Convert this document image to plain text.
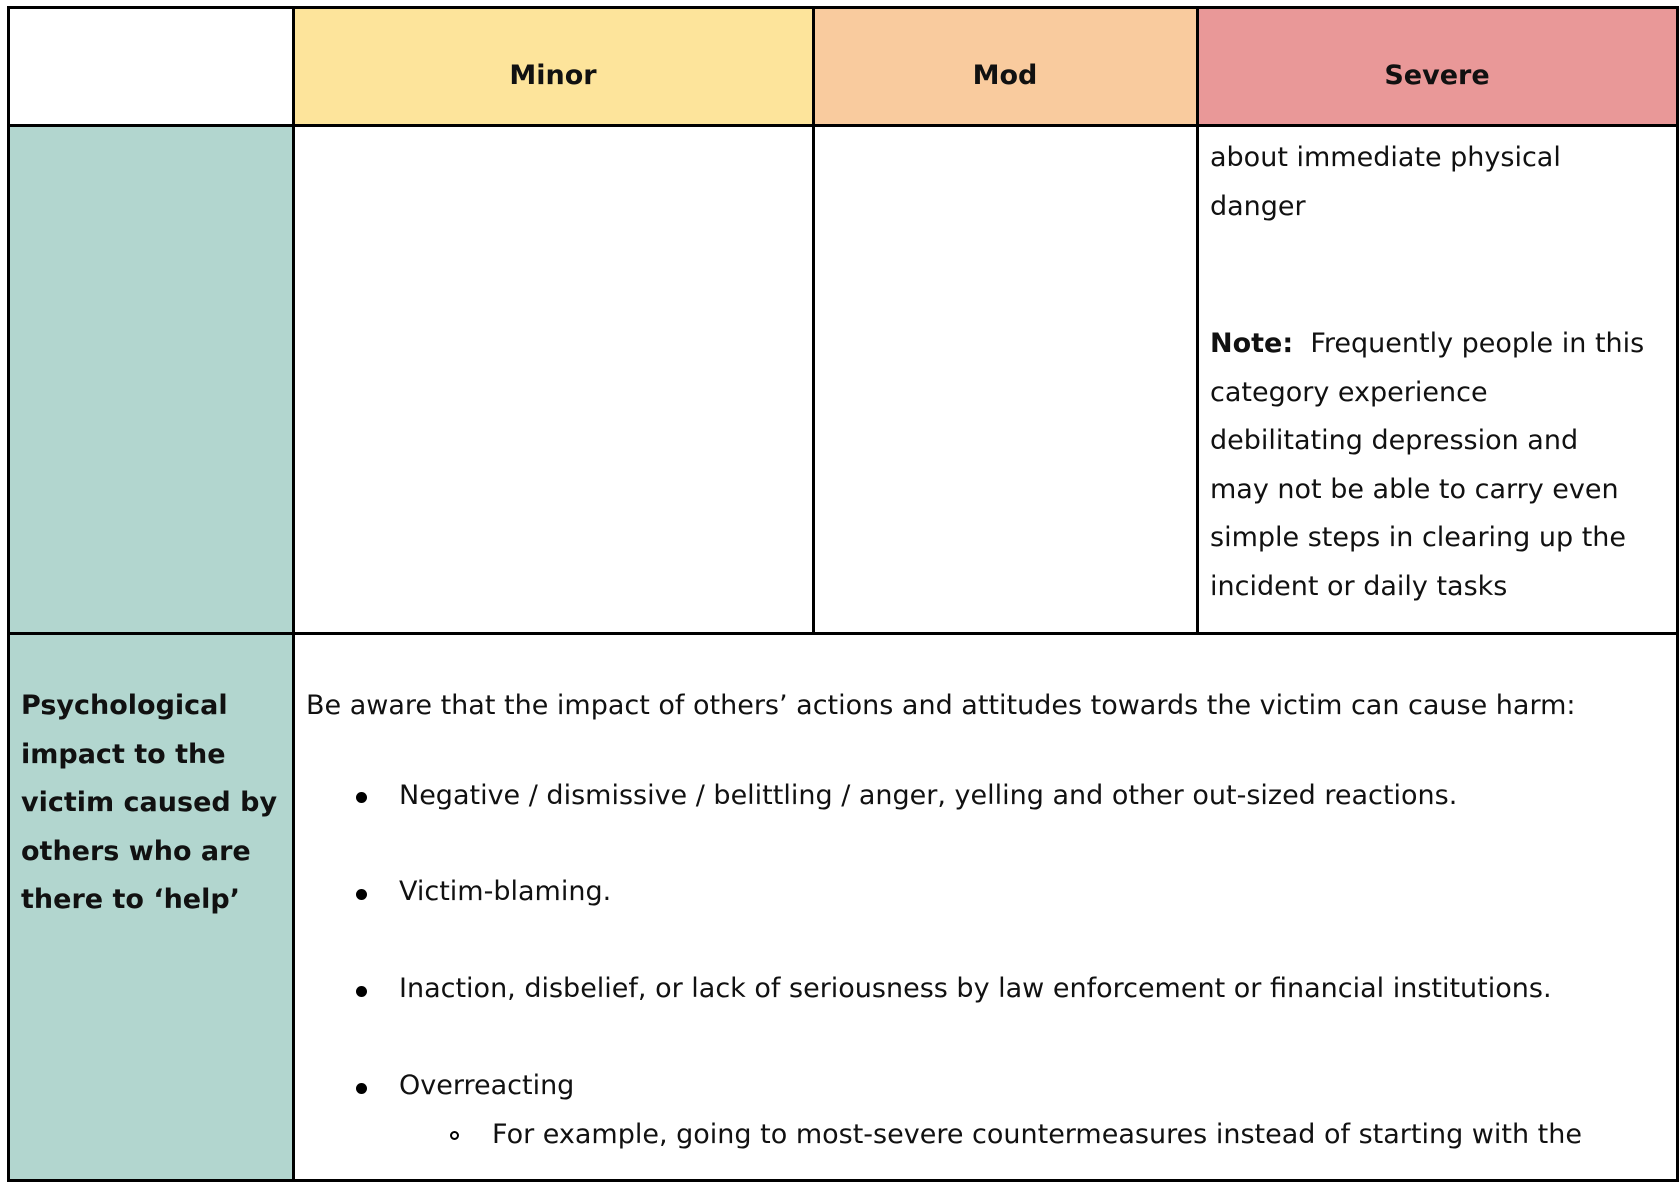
Minor	Mod	Severe
about immediate physical
danger
Note: Frequently people in this
category experience
debilitating depression and
may not be able to carry even
simple steps in clearing up the
incident or daily tasks
Psychological
impact to the
victim caused by
others who are
there to ‘help’
Be aware that the impact of others’ actions and attitudes towards the victim can cause harm:
Negative / dismissive / belittling / anger, yelling and other out-sized reactions.
Victim-blaming.
Inaction, disbelief, or lack of seriousness by law enforcement or financial institutions.
Overreacting
For example, going to most-severe countermeasures instead of starting with the
